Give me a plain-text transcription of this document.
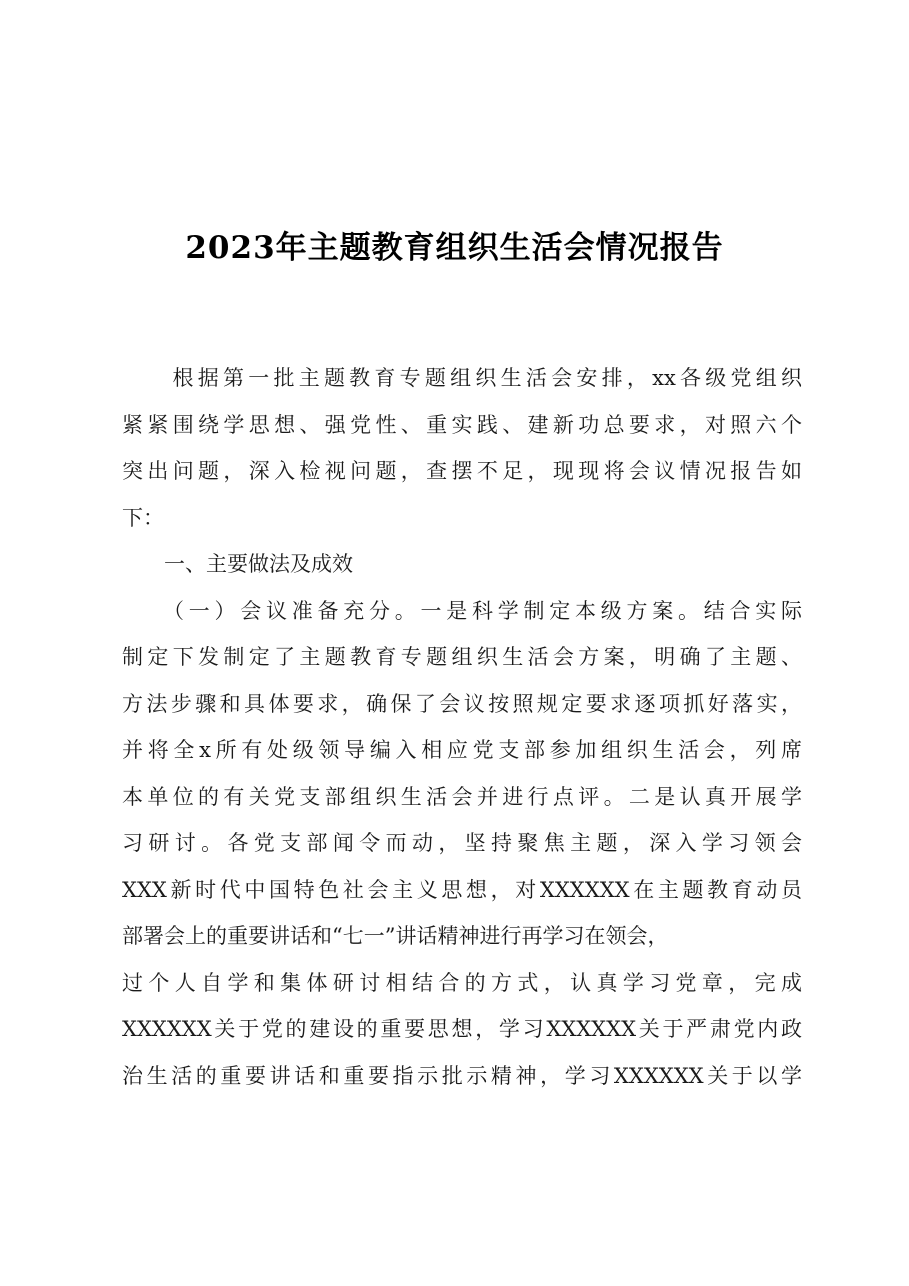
2023年主题教育组织生活会情况报告
　　根据第一批主题教育专题组织生活会安排，xx各级党组织
紧紧围绕学思想、强党性、重实践、建新功总要求，对照六个
突出问题，深入检视问题，查摆不足，现现将会议情况报告如
下：
　　一、主要做法及成效
　　（一）会议准备充分。一是科学制定本级方案。结合实际
制定下发制定了主题教育专题组织生活会方案，明确了主题、
方法步骤和具体要求，确保了会议按照规定要求逐项抓好落实，
并将全x所有处级领导编入相应党支部参加组织生活会，列席
本单位的有关党支部组织生活会并进行点评。二是认真开展学
习研讨。各党支部闻令而动，坚持聚焦主题，深入学习领会
XXX新时代中国特色社会主义思想，对XXXXXX在主题教育动员
部署会上的重要讲话和“七一”讲话精神进行再学习在领会，
过个人自学和集体研讨相结合的方式，认真学习党章，完成
XXXXXX关于党的建设的重要思想，学习XXXXXX关于严肃党内政
治生活的重要讲话和重要指示批示精神，学习XXXXXX关于以学
